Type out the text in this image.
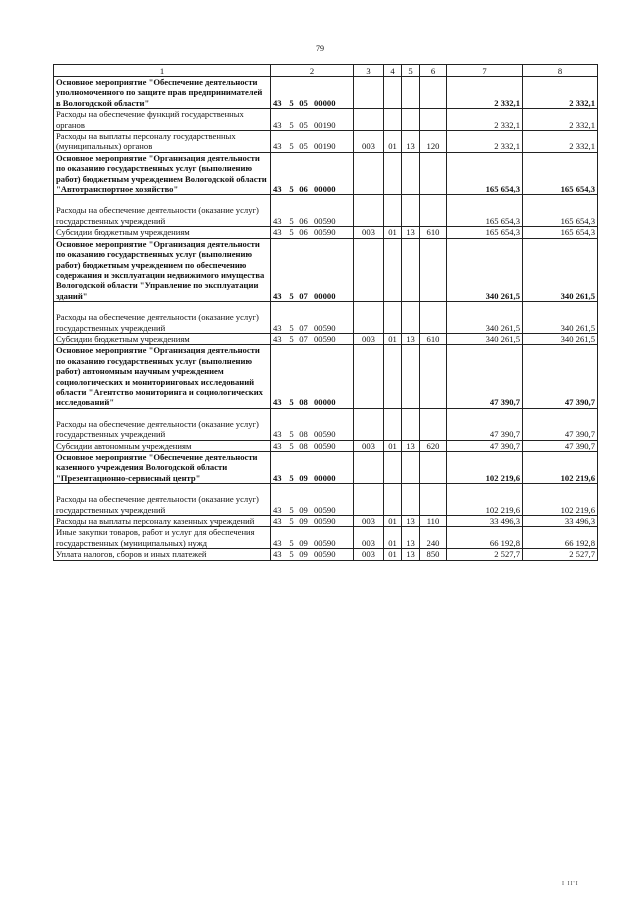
79
1	2	3	4	5	6	7	8
Основное мероприятие "Обеспечение деятельности уполномоченного по защите прав предпринимателей в Вологодской области"	43 5 05 00000					2 332,1	2 332,1
Расходы на обеспечение функций государственных органов	43 5 05 00190					2 332,1	2 332,1
Расходы на выплаты персоналу государственных (муниципальных) органов	43 5 05 00190	003	01	13	120	2 332,1	2 332,1
Основное мероприятие "Организация деятельности по оказанию государственных услуг (выполнению работ) бюджетным учреждением Вологодской области "Автотранспортное хозяйство"	43 5 06 00000					165 654,3	165 654,3
Расходы на обеспечение деятельности (оказание услуг) государственных учреждений	43 5 06 00590					165 654,3	165 654,3
Субсидии бюджетным учреждениям	43 5 06 00590	003	01	13	610	165 654,3	165 654,3
Основное мероприятие "Организация деятельности по оказанию государственных услуг (выполнению работ) бюджетным учреждением по обеспечению содержания и эксплуатации недвижимого имущества Вологодской области "Управление по эксплуатации зданий"	43 5 07 00000					340 261,5	340 261,5
Расходы на обеспечение деятельности (оказание услуг) государственных учреждений	43 5 07 00590					340 261,5	340 261,5
Субсидии бюджетным учреждениям	43 5 07 00590	003	01	13	610	340 261,5	340 261,5
Основное мероприятие "Организация деятельности по оказанию государственных услуг (выполнению работ) автономным научным учреждением социологических и мониторинговых исследований области "Агентство мониторинга и социологических исследований"	43 5 08 00000					47 390,7	47 390,7
Расходы на обеспечение деятельности (оказание услуг) государственных учреждений	43 5 08 00590					47 390,7	47 390,7
Субсидии автономным учреждениям	43 5 08 00590	003	01	13	620	47 390,7	47 390,7
Основное мероприятие "Обеспечение деятельности казенного учреждения Вологодской области "Презентационно-сервисный центр"	43 5 09 00000					102 219,6	102 219,6
Расходы на обеспечение деятельности (оказание услуг) государственных учреждений	43 5 09 00590					102 219,6	102 219,6
Расходы на выплаты персоналу казенных учреждений	43 5 09 00590	003	01	13	110	33 496,3	33 496,3
Иные закупки товаров, работ и услуг для обеспечения государственных (муниципальных) нужд	43 5 09 00590	003	01	13	240	66 192,8	66 192,8
Уплата налогов, сборов и иных платежей	43 5 09 00590	003	01	13	850	2 527,7	2 527,7
I II'I
